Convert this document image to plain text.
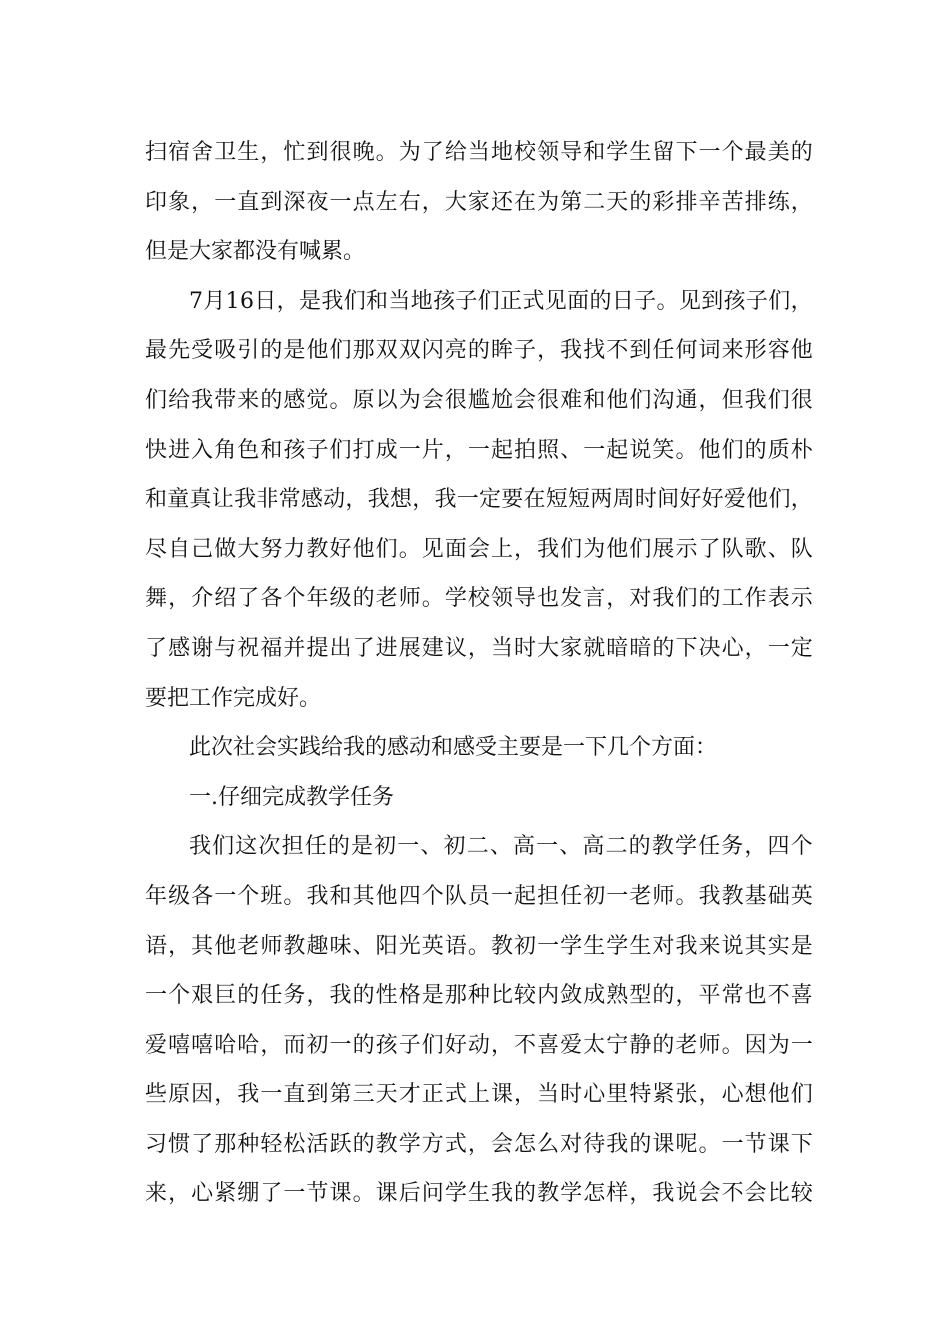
扫 宿 舍 卫 生 ， 忙 到 很 晚 。 为 了 给 当 地 校 领 导 和 学 生 留 下 一 个 最 美 的
印 象 ， 一 直 到 深 夜 一 点 左 右 ， 大 家 还 在 为 第 二 天 的 彩 排 辛 苦 排 练 ，
但是大家都没有喊累。
7 月 1 6 日 ， 是 我 们 和 当 地 孩 子 们 正 式 见 面 的 日 子 。 见 到 孩 子 们 ，
最 先 受 吸 引 的 是 他 们 那 双 双 闪 亮 的 眸 子 ， 我 找 不 到 任 何 词 来 形 容 他
们 给 我 带 来 的 感 觉 。 原 以 为 会 很 尴 尬 会 很 难 和 他 们 沟 通 ， 但 我 们 很
快 进 入 角 色 和 孩 子 们 打 成 一 片 ， 一 起 拍 照 、 一 起 说 笑 。 他 们 的 质 朴
和 童 真 让 我 非 常 感 动 ， 我 想 ， 我 一 定 要 在 短 短 两 周 时 间 好 好 爱 他 们 ，
尽 自 己 做 大 努 力 教 好 他 们 。 见 面 会 上 ， 我 们 为 他 们 展 示 了 队 歌 、 队
舞 ， 介 绍 了 各 个 年 级 的 老 师 。 学 校 领 导 也 发 言 ， 对 我 们 的 工 作 表 示
了 感 谢 与 祝 福 并 提 出 了 进 展 建 议 ， 当 时 大 家 就 暗 暗 的 下 决 心 ， 一 定
要把工作完成好。
此次社会实践给我的感动和感受主要是一下几个方面：
一.仔细完成教学任务
我 们 这 次 担 任 的 是 初 一 、 初 二 、 高 一 、 高 二 的 教 学 任 务 ， 四 个
年 级 各 一 个 班 。 我 和 其 他 四 个 队 员 一 起 担 任 初 一 老 师 。 我 教 基 础 英
语 ， 其 他 老 师 教 趣 味 、 阳 光 英 语 。 教 初 一 学 生 学 生 对 我 来 说 其 实 是
一 个 艰 巨 的 任 务 ， 我 的 性 格 是 那 种 比 较 内 敛 成 熟 型 的 ， 平 常 也 不 喜
爱 嘻 嘻 哈 哈 ， 而 初 一 的 孩 子 们 好 动 ， 不 喜 爱 太 宁 静 的 老 师 。 因 为 一
些 原 因 ， 我 一 直 到 第 三 天 才 正 式 上 课 ， 当 时 心 里 特 紧 张 ， 心 想 他 们
习 惯 了 那 种 轻 松 活 跃 的 教 学 方 式 ， 会 怎 么 对 待 我 的 课 呢 。 一 节 课 下
来 ， 心 紧 绷 了 一 节 课 。 课 后 问 学 生 我 的 教 学 怎 样 ， 我 说 会 不 会 比 较
